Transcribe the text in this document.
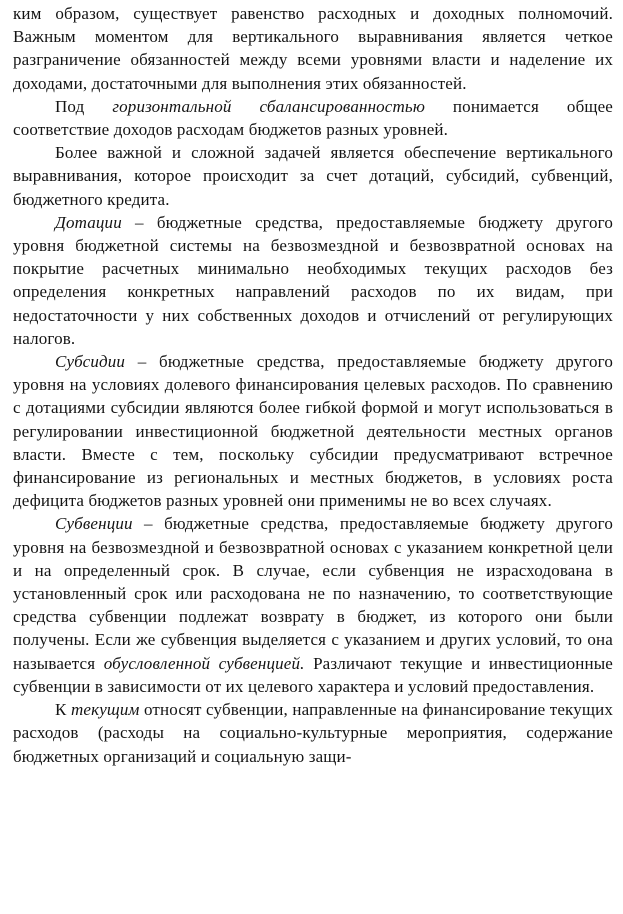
ким образом, существует равенство расходных и доходных полномочий. Важным моментом для вертикального выравнивания является четкое разграничение обязанностей между всеми уровнями власти и наделение их доходами, достаточными для выполнения этих обязанностей.

Под горизонтальной сбалансированностью понимается общее соответствие доходов расходам бюджетов разных уровней.

Более важной и сложной задачей является обеспечение вертикального выравнивания, которое происходит за счет дотаций, субсидий, субвенций, бюджетного кредита.

Дотации – бюджетные средства, предоставляемые бюджету другого уровня бюджетной системы на безвозмездной и безвозвратной основах на покрытие расчетных минимально необходимых текущих расходов без определения конкретных направлений расходов по их видам, при недостаточности у них собственных доходов и отчислений от регулирующих налогов.

Субсидии – бюджетные средства, предоставляемые бюджету другого уровня на условиях долевого финансирования целевых расходов. По сравнению с дотациями субсидии являются более гибкой формой и могут использоваться в регулировании инвестиционной бюджетной деятельности местных органов власти. Вместе с тем, поскольку субсидии предусматривают встречное финансирование из региональных и местных бюджетов, в условиях роста дефицита бюджетов разных уровней они применимы не во всех случаях.

Субвенции – бюджетные средства, предоставляемые бюджету другого уровня на безвозмездной и безвозвратной основах с указанием конкретной цели и на определенный срок. В случае, если субвенция не израсходована в установленный срок или расходована не по назначению, то соответствующие средства субвенции подлежат возврату в бюджет, из которого они были получены. Если же субвенция выделяется с указанием и других условий, то она называется обусловленной субвенцией. Различают текущие и инвестиционные субвенции в зависимости от их целевого характера и условий предоставления.

К текущим относят субвенции, направленные на финансирование текущих расходов (расходы на социально-культурные мероприятия, содержание бюджетных организаций и социальную защи-
